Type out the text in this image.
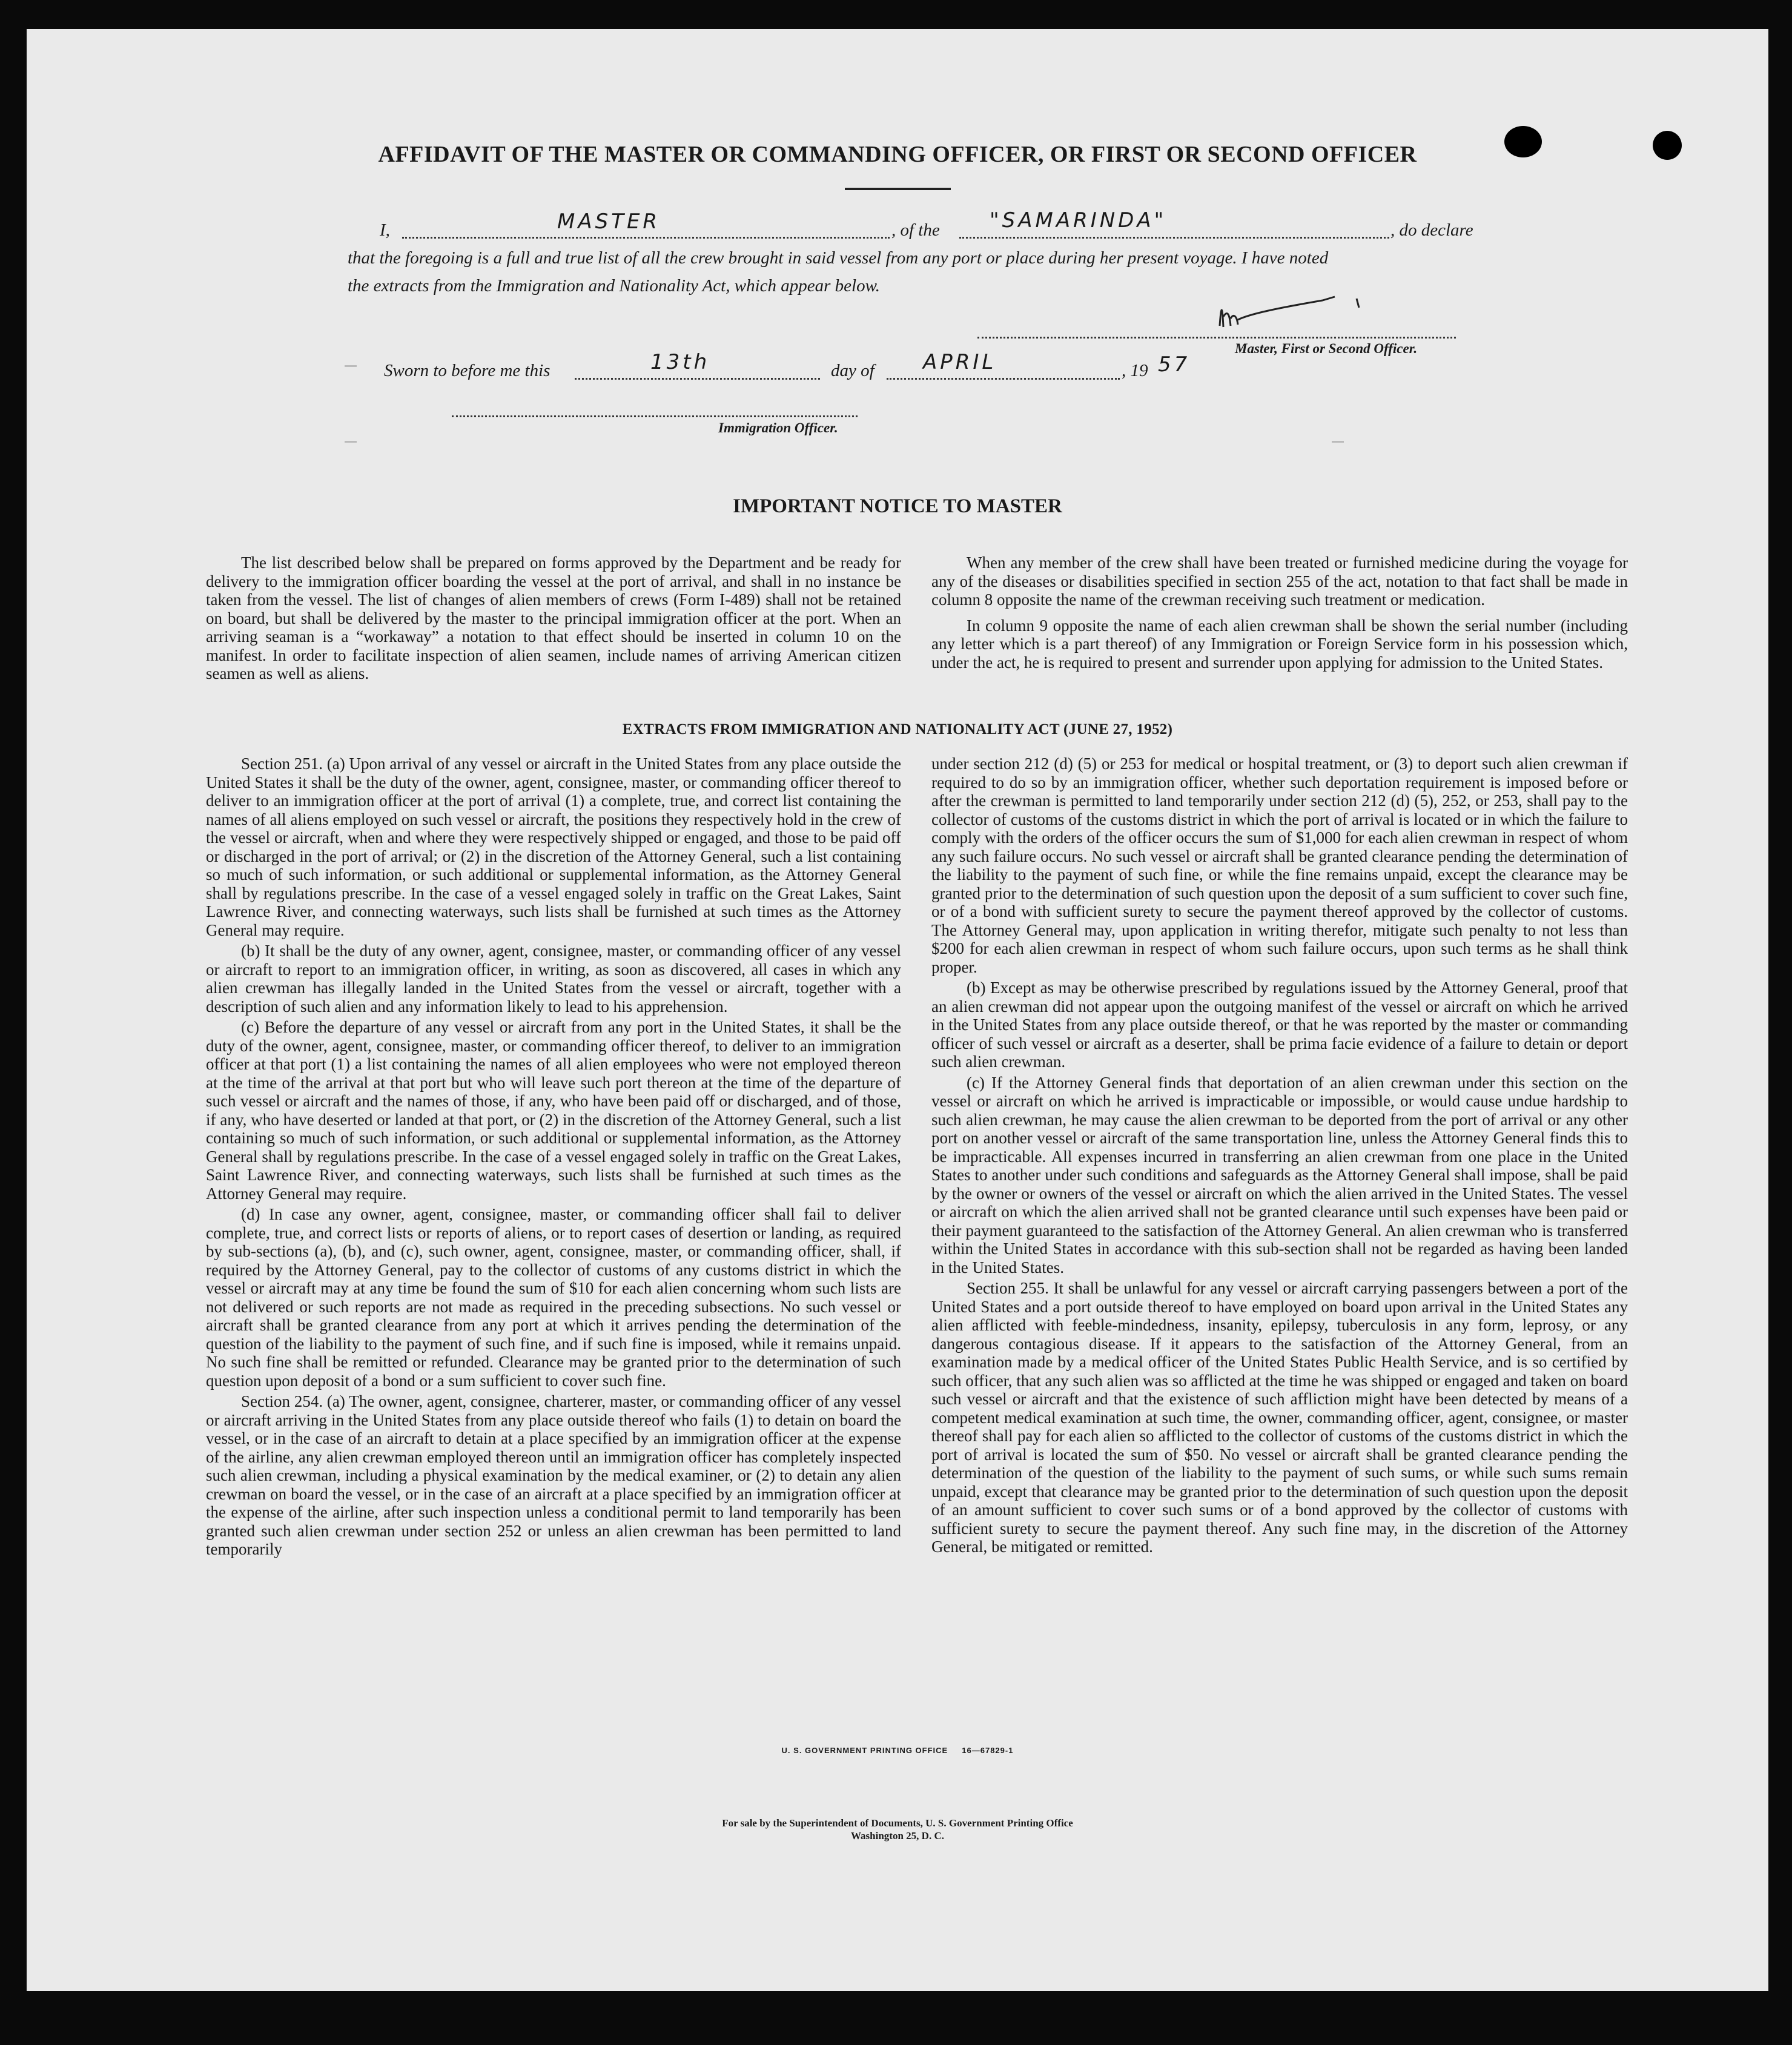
AFFIDAVIT OF THE MASTER OR COMMANDING OFFICER, OR FIRST OR SECOND OFFICER
I,	MASTER	, of the "SAMARINDA"	, do declare
that the foregoing is a full and true list of all the crew brought in said vessel from any port or place during her present voyage. I have noted
the extracts from the Immigration and Nationality Act, which appear below.
Master, First or Second Officer.
Sworn to before me this	13th	day of APRIL	, 19 57
Immigration Officer.
IMPORTANT NOTICE TO MASTER

The list described below shall be prepared on forms approved by the Department and be ready for delivery to the immigration officer boarding the vessel at the port of arrival, and shall in no instance be taken from the vessel. The list of changes of alien members of crews (Form I-489) shall not be retained on board, but shall be delivered by the master to the principal immigration officer at the port. When an arriving seaman is a “workaway” a notation to that effect should be inserted in column 10 on the manifest. In order to facilitate inspection of alien seamen, include names of arriving American citizen seamen as well as aliens.

When any member of the crew shall have been treated or furnished medicine during the voyage for any of the diseases or disabilities specified in section 255 of the act, notation to that fact shall be made in column 8 opposite the name of the crewman receiving such treatment or medication.

In column 9 opposite the name of each alien crewman shall be shown the serial number (including any letter which is a part thereof) of any Immigration or Foreign Service form in his possession which, under the act, he is required to present and surrender upon applying for admission to the United States.

EXTRACTS FROM IMMIGRATION AND NATIONALITY ACT (JUNE 27, 1952)

Section 251. (a) Upon arrival of any vessel or aircraft in the United States from any place outside the United States it shall be the duty of the owner, agent, consignee, master, or commanding officer thereof to deliver to an immigration officer at the port of arrival (1) a complete, true, and correct list containing the names of all aliens employed on such vessel or aircraft, the positions they respectively hold in the crew of the vessel or aircraft, when and where they were respectively shipped or engaged, and those to be paid off or discharged in the port of arrival; or (2) in the discretion of the Attorney General, such a list containing so much of such information, or such additional or supplemental information, as the Attorney General shall by regulations prescribe. In the case of a vessel engaged solely in traffic on the Great Lakes, Saint Lawrence River, and connecting waterways, such lists shall be furnished at such times as the Attorney General may require.

(b) It shall be the duty of any owner, agent, consignee, master, or commanding officer of any vessel or aircraft to report to an immigration officer, in writing, as soon as discovered, all cases in which any alien crewman has illegally landed in the United States from the vessel or aircraft, together with a description of such alien and any information likely to lead to his apprehension.

(c) Before the departure of any vessel or aircraft from any port in the United States, it shall be the duty of the owner, agent, consignee, master, or commanding officer thereof, to deliver to an immigration officer at that port (1) a list containing the names of all alien employees who were not employed thereon at the time of the arrival at that port but who will leave such port thereon at the time of the departure of such vessel or aircraft and the names of those, if any, who have been paid off or discharged, and of those, if any, who have deserted or landed at that port, or (2) in the discretion of the Attorney General, such a list containing so much of such information, or such additional or supplemental information, as the Attorney General shall by regulations prescribe. In the case of a vessel engaged solely in traffic on the Great Lakes, Saint Lawrence River, and connecting waterways, such lists shall be furnished at such times as the Attorney General may require.

(d) In case any owner, agent, consignee, master, or commanding officer shall fail to deliver complete, true, and correct lists or reports of aliens, or to report cases of desertion or landing, as required by sub-sections (a), (b), and (c), such owner, agent, consignee, master, or commanding officer, shall, if required by the Attorney General, pay to the collector of customs of any customs district in which the vessel or aircraft may at any time be found the sum of $10 for each alien concerning whom such lists are not delivered or such reports are not made as required in the preceding subsections. No such vessel or aircraft shall be granted clearance from any port at which it arrives pending the determination of the question of the liability to the payment of such fine, and if such fine is imposed, while it remains unpaid. No such fine shall be remitted or refunded. Clearance may be granted prior to the determination of such question upon deposit of a bond or a sum sufficient to cover such fine.

Section 254. (a) The owner, agent, consignee, charterer, master, or commanding officer of any vessel or aircraft arriving in the United States from any place outside thereof who fails (1) to detain on board the vessel, or in the case of an aircraft to detain at a place specified by an immigration officer at the expense of the airline, any alien crewman employed thereon until an immigration officer has completely inspected such alien crewman, including a physical examination by the medical examiner, or (2) to detain any alien crewman on board the vessel, or in the case of an aircraft at a place specified by an immigration officer at the expense of the airline, after such inspection unless a conditional permit to land temporarily has been granted such alien crewman under section 252 or unless an alien crewman has been permitted to land temporarily

under section 212 (d) (5) or 253 for medical or hospital treatment, or (3) to deport such alien crewman if required to do so by an immigration officer, whether such deportation requirement is imposed before or after the crewman is permitted to land temporarily under section 212 (d) (5), 252, or 253, shall pay to the collector of customs of the customs district in which the port of arrival is located or in which the failure to comply with the orders of the officer occurs the sum of $1,000 for each alien crewman in respect of whom any such failure occurs. No such vessel or aircraft shall be granted clearance pending the determination of the liability to the payment of such fine, or while the fine remains unpaid, except the clearance may be granted prior to the determination of such question upon the deposit of a sum sufficient to cover such fine, or of a bond with sufficient surety to secure the payment thereof approved by the collector of customs. The Attorney General may, upon application in writing therefor, mitigate such penalty to not less than $200 for each alien crewman in respect of whom such failure occurs, upon such terms as he shall think proper.

(b) Except as may be otherwise prescribed by regulations issued by the Attorney General, proof that an alien crewman did not appear upon the outgoing manifest of the vessel or aircraft on which he arrived in the United States from any place outside thereof, or that he was reported by the master or commanding officer of such vessel or aircraft as a deserter, shall be prima facie evidence of a failure to detain or deport such alien crewman.

(c) If the Attorney General finds that deportation of an alien crewman under this section on the vessel or aircraft on which he arrived is impracticable or impossible, or would cause undue hardship to such alien crewman, he may cause the alien crewman to be deported from the port of arrival or any other port on another vessel or aircraft of the same transportation line, unless the Attorney General finds this to be impracticable. All expenses incurred in transferring an alien crewman from one place in the United States to another under such conditions and safeguards as the Attorney General shall impose, shall be paid by the owner or owners of the vessel or aircraft on which the alien arrived in the United States. The vessel or aircraft on which the alien arrived shall not be granted clearance until such expenses have been paid or their payment guaranteed to the satisfaction of the Attorney General. An alien crewman who is transferred within the United States in accordance with this sub-section shall not be regarded as having been landed in the United States.

Section 255. It shall be unlawful for any vessel or aircraft carrying passengers between a port of the United States and a port outside thereof to have employed on board upon arrival in the United States any alien afflicted with feeble-mindedness, insanity, epilepsy, tuberculosis in any form, leprosy, or any dangerous contagious disease. If it appears to the satisfaction of the Attorney General, from an examination made by a medical officer of the United States Public Health Service, and is so certified by such officer, that any such alien was so afflicted at the time he was shipped or engaged and taken on board such vessel or aircraft and that the existence of such affliction might have been detected by means of a competent medical examination at such time, the owner, commanding officer, agent, consignee, or master thereof shall pay for each alien so afflicted to the collector of customs of the customs district in which the port of arrival is located the sum of $50. No vessel or aircraft shall be granted clearance pending the determination of the question of the liability to the payment of such sums, or while such sums remain unpaid, except that clearance may be granted prior to the determination of such question upon the deposit of an amount sufficient to cover such sums or of a bond approved by the collector of customs with sufficient surety to secure the payment thereof. Any such fine may, in the discretion of the Attorney General, be mitigated or remitted.

U. S. GOVERNMENT PRINTING OFFICE     16—67829-1
For sale by the Superintendent of Documents, U. S. Government Printing Office
Washington 25, D. C.
